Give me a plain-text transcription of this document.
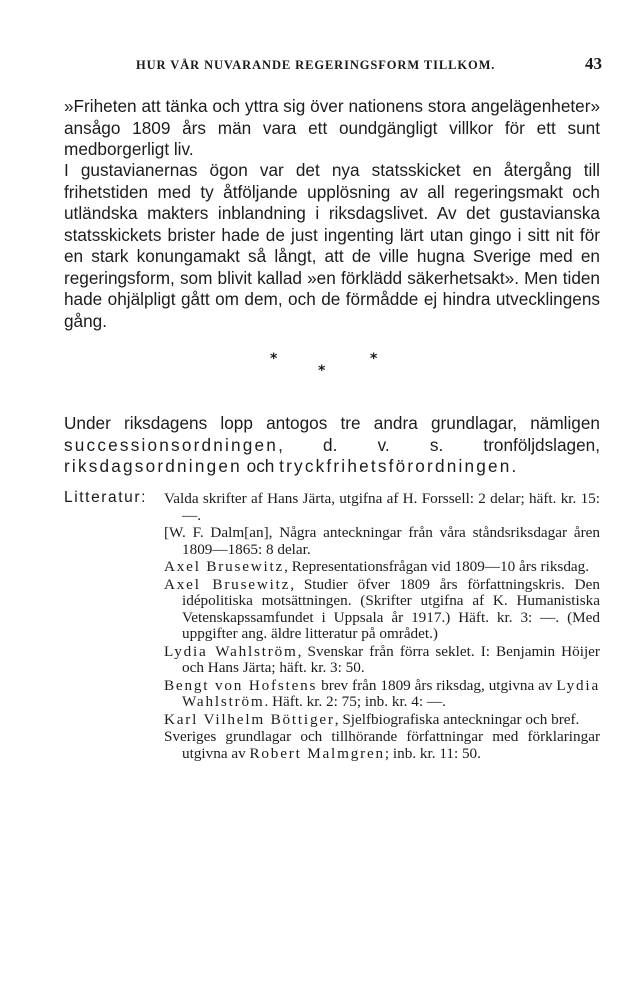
HUR VÅR NUVARANDE REGERINGSFORM TILLKOM.	43

»Friheten att tänka och yttra sig över nationens stora angelägenheter» ansågo 1809 års män vara ett oundgängligt villkor för ett sunt medborgerligt liv.

I gustavianernas ögon var det nya statsskicket en återgång till frihetstiden med ty åtföljande upplösning av all regeringsmakt och utländska makters inblandning i riksdagslivet. Av det gustavianska statsskickets brister hade de just ingenting lärt utan gingo i sitt nit för en stark konungamakt så långt, att de ville hugna Sverige med en regeringsform, som blivit kallad »en förklädd säkerhetsakt». Men tiden hade ohjälpligt gått om dem, och de förmådde ej hindra utvecklingens gång.

*
*
*

Under riksdagens lopp antogos tre andra grundlagar, nämligen successionsordningen, d. v. s. tronföljdslagen, riksdagsordningen och tryckfrihetsförordningen.

Litteratur: Valda skrifter af Hans Järta, utgifna af H. Forssell: 2 delar; häft. kr. 15: —.

[W. F. Dalm[an], Några anteckningar från våra ståndsriksdagar åren 1809—1865: 8 delar.

Axel Brusewitz, Representationsfrågan vid 1809—10 års riksdag.

Axel Brusewitz, Studier öfver 1809 års författningskris. Den idépolitiska motsättningen. (Skrifter utgifna af K. Humanistiska Vetenskapssamfundet i Uppsala år 1917.) Häft. kr. 3: —. (Med uppgifter ang. äldre litteratur på området.)

Lydia Wahlström, Svenskar från förra seklet. I: Benjamin Höijer och Hans Järta; häft. kr. 3: 50.

Bengt von Hofstens brev från 1809 års riksdag, utgivna av Lydia Wahlström. Häft. kr. 2: 75; inb. kr. 4: —.

Karl Vilhelm Böttiger, Sjelfbiografiska anteckningar och bref.

Sveriges grundlagar och tillhörande författningar med förklaringar utgivna av Robert Malmgren; inb. kr. 11: 50.
